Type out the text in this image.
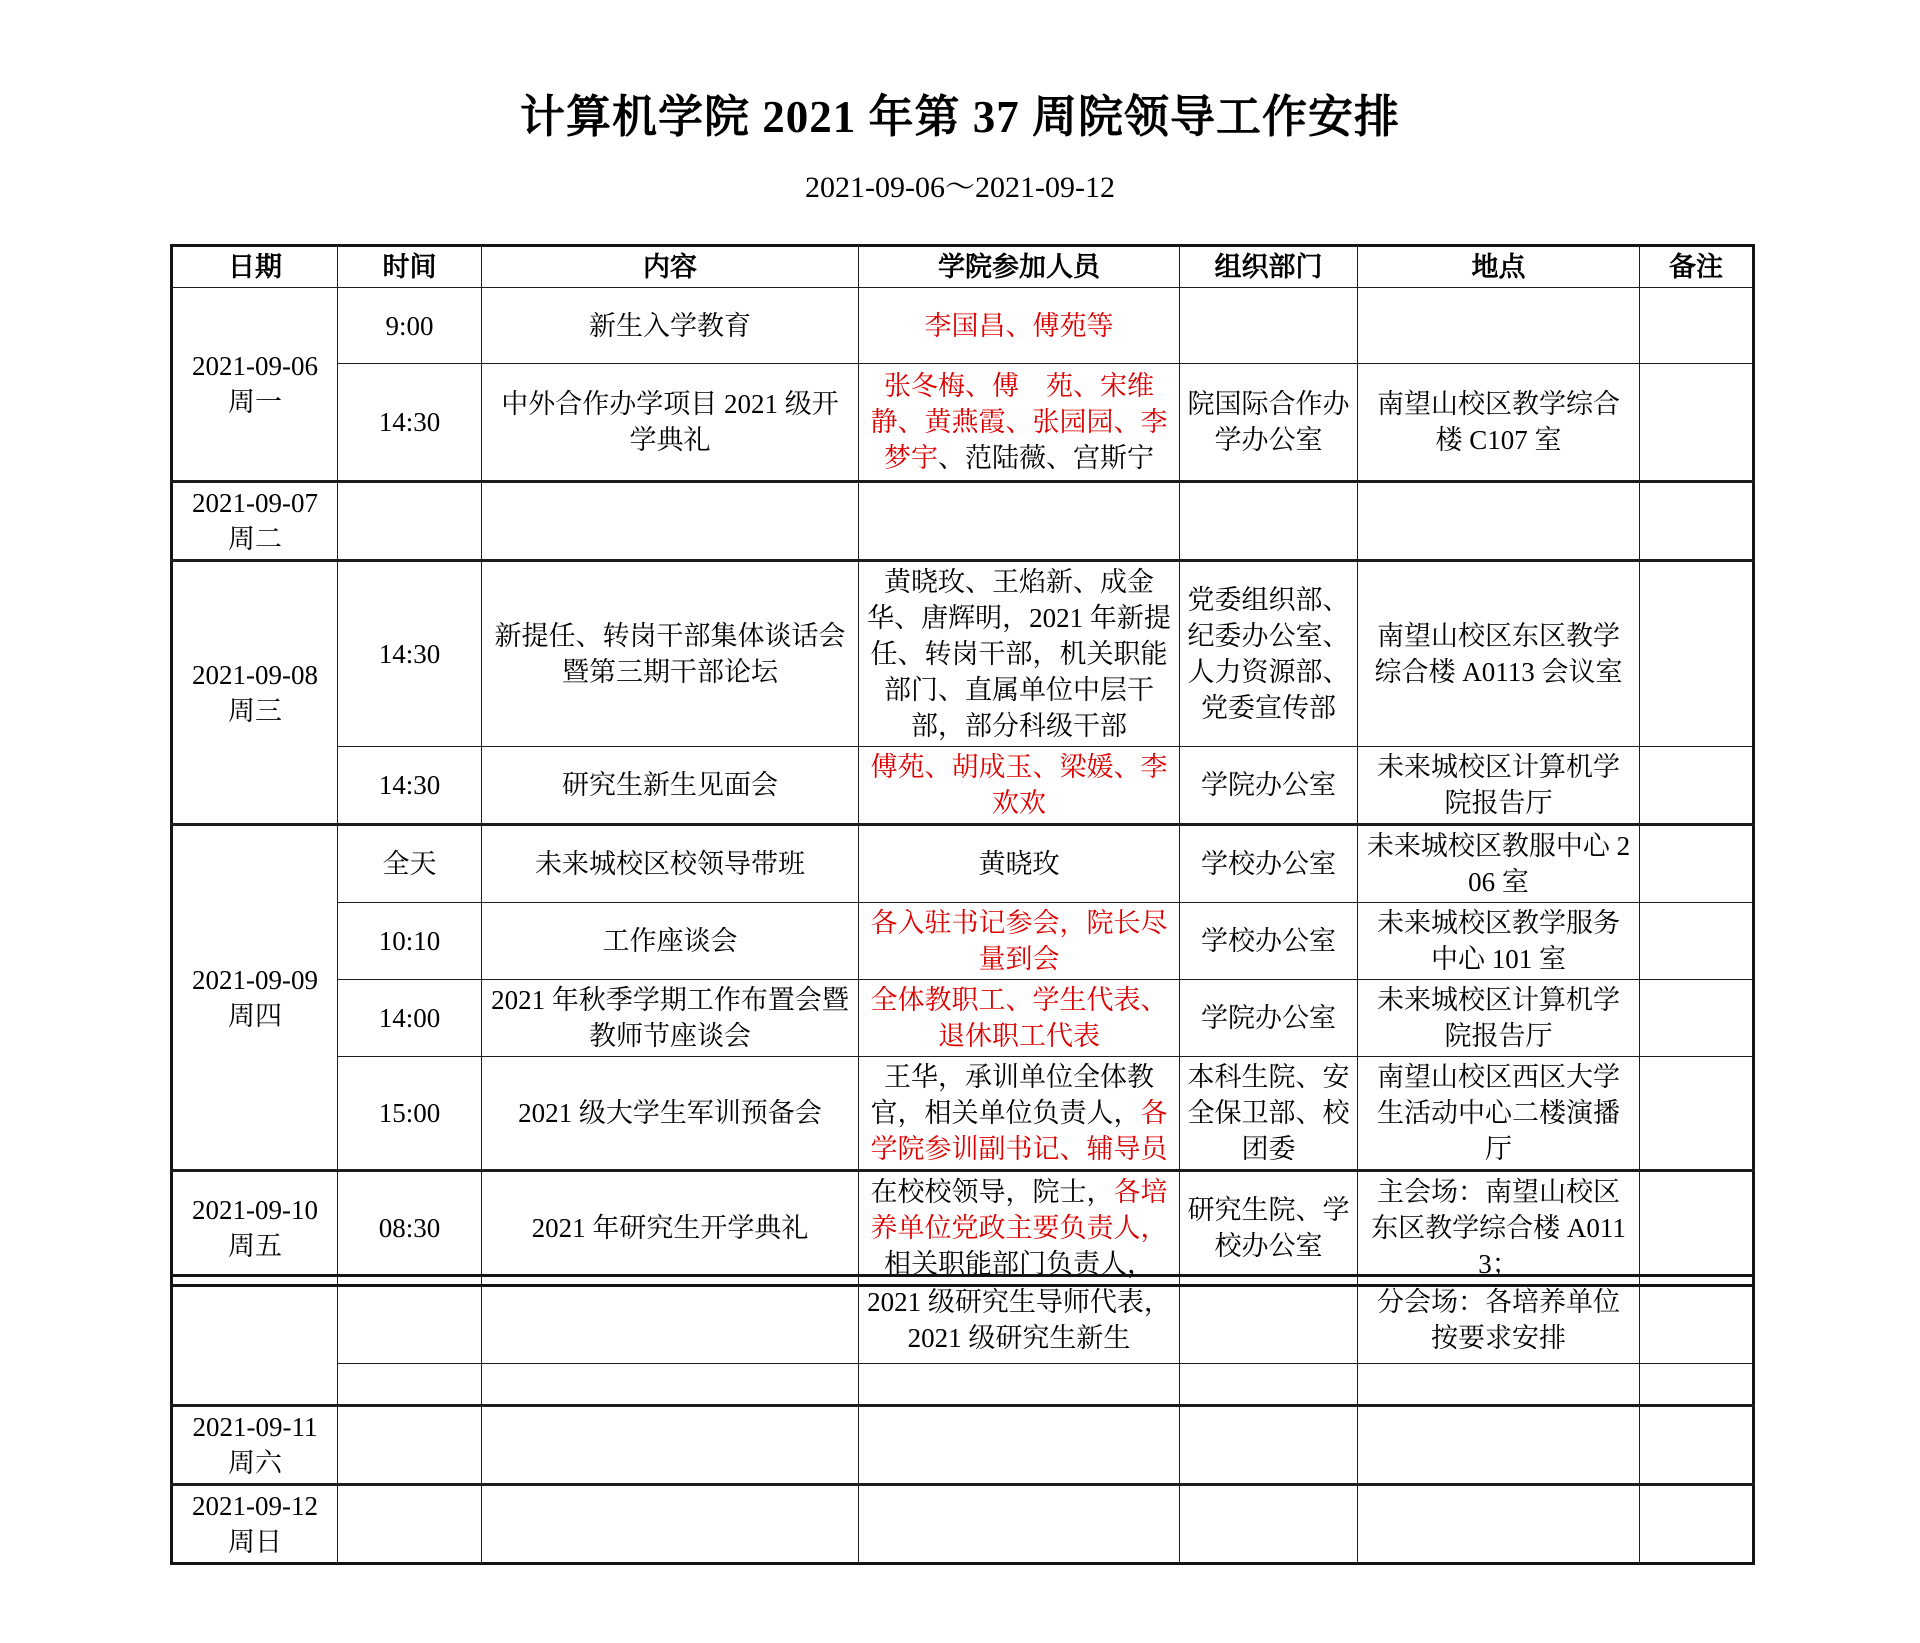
计算机学院 2021 年第 37 周院领导工作安排
2021-09-06～2021-09-12
日期	时间	内容	学院参加人员	组织部门	地点	备注

2021-09-06
周一	9:00	新生入学教育	李国昌、傅苑等			
	14:30	中外合作办学项目 2021 级开学典礼	张冬梅、傅　苑、宋维静、黄燕霞、张园园、李梦宇、范陆薇、宫斯宁	院国际合作办学办公室	南望山校区教学综合楼 C107 室	

2021-09-07
周二						

2021-09-08
周三	14:30	新提任、转岗干部集体谈话会暨第三期干部论坛	黄晓玫、王焰新、成金华、唐辉明，2021 年新提任、转岗干部，机关职能部门、直属单位中层干部，部分科级干部	党委组织部、纪委办公室、人力资源部、党委宣传部	南望山校区东区教学综合楼 A0113 会议室	
	14:30	研究生新生见面会	傅苑、胡成玉、梁媛、李欢欢	学院办公室	未来城校区计算机学院报告厅	

2021-09-09
周四	全天	未来城校区校领导带班	黄晓玫	学校办公室	未来城校区教服中心 206 室	
	10:10	工作座谈会	各入驻书记参会，院长尽量到会	学校办公室	未来城校区教学服务中心 101 室	
	14:00	2021 年秋季学期工作布置会暨教师节座谈会	全体教职工、学生代表、退休职工代表	学院办公室	未来城校区计算机学院报告厅	
	15:00	2021 级大学生军训预备会	王华，承训单位全体教官，相关单位负责人，各学院参训副书记、辅导员	本科生院、安全保卫部、校团委	南望山校区西区大学生活动中心二楼演播厅	

2021-09-10
周五	08:30	2021 年研究生开学典礼	在校校领导，院士，各培养单位党政主要负责人，相关职能部门负责人，	研究生院、学校办公室	主会场：南望山校区东区教学综合楼 A0113；	
			2021 级研究生导师代表，2021 级研究生新生		分会场：各培养单位按要求安排	

2021-09-11
周六						

2021-09-12
周日						
